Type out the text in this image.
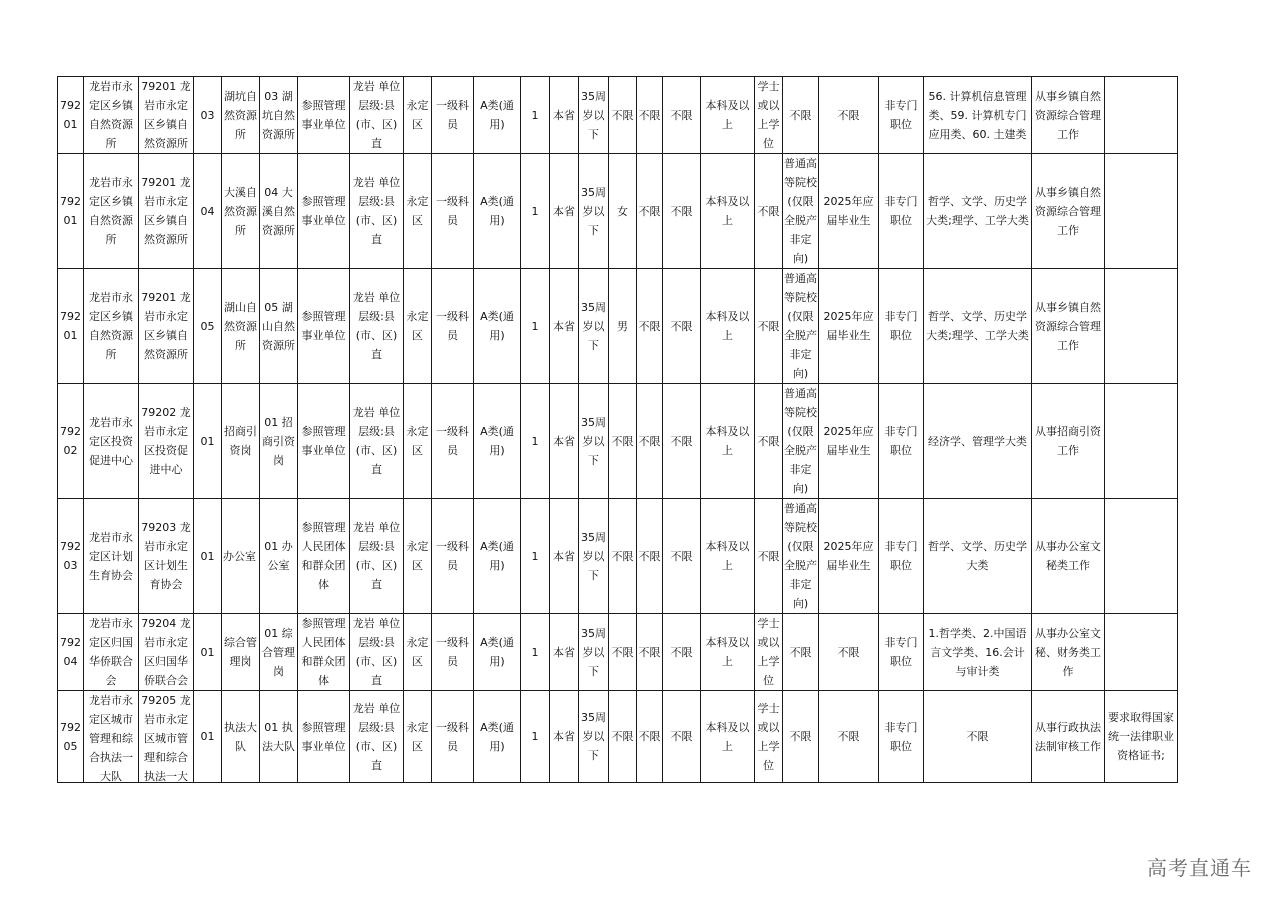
79201	龙岩市永定区乡镇自然资源所	79201 龙岩市永定区乡镇自然资源所	03	湖坑自然资源所	03 湖坑自然资源所	参照管理事业单位	龙岩 单位层级:县(市、区)直	永定区	一级科员	A类(通用)	1	本省	35周岁以下	不限	不限	不限	本科及以上	学士或以上学位	不限	不限	非专门职位	56. 计算机信息管理类、59. 计算机专门应用类、60. 土建类	从事乡镇自然资源综合管理工作	
79201	龙岩市永定区乡镇自然资源所	79201 龙岩市永定区乡镇自然资源所	04	大溪自然资源所	04 大溪自然资源所	参照管理事业单位	龙岩 单位层级:县(市、区)直	永定区	一级科员	A类(通用)	1	本省	35周岁以下	女	不限	不限	本科及以上	不限	普通高等院校(仅限全脱产非定向)	2025年应届毕业生	非专门职位	哲学、文学、历史学大类;理学、工学大类	从事乡镇自然资源综合管理工作	
79201	龙岩市永定区乡镇自然资源所	79201 龙岩市永定区乡镇自然资源所	05	湖山自然资源所	05 湖山自然资源所	参照管理事业单位	龙岩 单位层级:县(市、区)直	永定区	一级科员	A类(通用)	1	本省	35周岁以下	男	不限	不限	本科及以上	不限	普通高等院校(仅限全脱产非定向)	2025年应届毕业生	非专门职位	哲学、文学、历史学大类;理学、工学大类	从事乡镇自然资源综合管理工作	
79202	龙岩市永定区投资促进中心	79202 龙岩市永定区投资促进中心	01	招商引资岗	01 招商引资岗	参照管理事业单位	龙岩 单位层级:县(市、区)直	永定区	一级科员	A类(通用)	1	本省	35周岁以下	不限	不限	不限	本科及以上	不限	普通高等院校(仅限全脱产非定向)	2025年应届毕业生	非专门职位	经济学、管理学大类	从事招商引资工作	
79203	龙岩市永定区计划生育协会	79203 龙岩市永定区计划生育协会	01	办公室	01 办公室	参照管理人民团体和群众团体	龙岩 单位层级:县(市、区)直	永定区	一级科员	A类(通用)	1	本省	35周岁以下	不限	不限	不限	本科及以上	不限	普通高等院校(仅限全脱产非定向)	2025年应届毕业生	非专门职位	哲学、文学、历史学大类	从事办公室文秘类工作	
79204	龙岩市永定区归国华侨联合会	79204 龙岩市永定区归国华侨联合会	01	综合管理岗	01 综合管理岗	参照管理人民团体和群众团体	龙岩 单位层级:县(市、区)直	永定区	一级科员	A类(通用)	1	本省	35周岁以下	不限	不限	不限	本科及以上	学士或以上学位	不限	不限	非专门职位	1.哲学类、2.中国语言文学类、16.会计与审计类	从事办公室文秘、财务类工作	
79205	龙岩市永定区城市管理和综合执法一大队	79205 龙岩市永定区城市管理和综合执法一大	01	执法大队	01 执法大队	参照管理事业单位	龙岩 单位层级:县(市、区)直	永定区	一级科员	A类(通用)	1	本省	35周岁以下	不限	不限	不限	本科及以上	学士或以上学位	不限	不限	非专门职位	不限	从事行政执法法制审核工作	要求取得国家统一法律职业资格证书;
高考直通车
